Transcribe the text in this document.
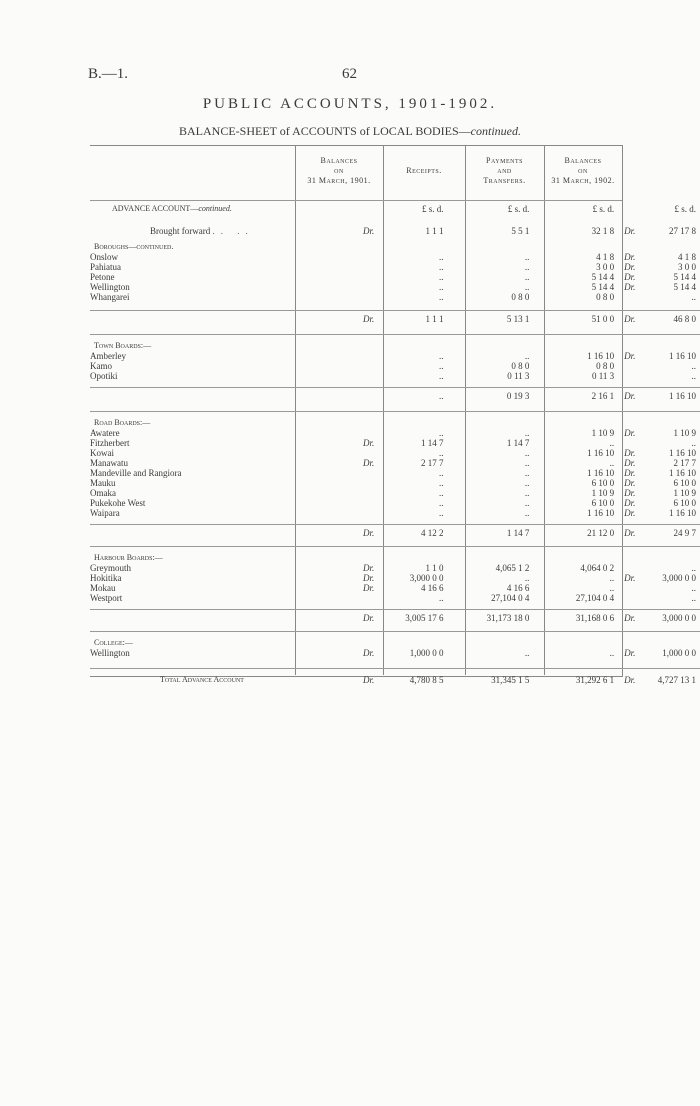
B.—1.	62
PUBLIC ACCOUNTS, 1901-1902.
BALANCE-SHEET of ACCOUNTS of LOCAL BODIES—continued.
Balances
on
31 March, 1901.
Receipts.
Payments
and
Transfers.
Balances
on
31 March, 1902.
ADVANCE ACCOUNT—continued.	£ s. d.	£ s. d.	£ s. d.	£ s. d.

Brought forward .. ..	Dr. 1 1 1	5 5 1	32 1 8	Dr. 27 17 8

Boroughs—continued.				
Onslow	..	..	4 1 8	Dr. 4 1 8
Pahiatua	..	..	3 0 0	Dr. 3 0 0
Petone	..	..	5 14 4	Dr. 5 14 4
Wellington	..	..	5 14 4	Dr. 5 14 4
Whangarei	..	0 8 0	0 8 0	..

	Dr. 1 1 1	5 13 1	51 0 0	Dr. 46 8 0

Town Boards:—				
Amberley	..	..	1 16 10	Dr. 1 16 10
Kamo	..	0 8 0	0 8 0	..
Opotiki	..	0 11 3	0 11 3	..

	..	0 19 3	2 16 1	Dr. 1 16 10

Road Boards:—				
Awatere	..	..	1 10 9	Dr. 1 10 9
Fitzherbert	Dr. 1 14 7	1 14 7	..	..
Kowai	..	..	1 16 10	Dr. 1 16 10
Manawatu	Dr. 2 17 7	..	..	Dr. 2 17 7
Mandeville and Rangiora	..	..	1 16 10	Dr. 1 16 10
Mauku	..	..	6 10 0	Dr. 6 10 0
Omaka	..	..	1 10 9	Dr. 1 10 9
Pukekohe West	..	..	6 10 0	Dr. 6 10 0
Waipara	..	..	1 16 10	Dr. 1 16 10

	Dr. 4 12 2	1 14 7	21 12 0	Dr. 24 9 7

Harbour Boards:—				
Greymouth	Dr. 1 1 0	4,065 1 2	4,064 0 2	..
Hokitika	Dr. 3,000 0 0	..	..	Dr. 3,000 0 0
Mokau	Dr. 4 16 6	4 16 6	..	..
Westport	..	27,104 0 4	27,104 0 4	..

	Dr. 3,005 17 6	31,173 18 0	31,168 0 6	Dr. 3,000 0 0

College:—				
Wellington	Dr. 1,000 0 0	..	..	Dr. 1,000 0 0

Total Advance Account	Dr. 4,780 8 5	31,345 1 5	31,292 6 1	Dr. 4,727 13 1
